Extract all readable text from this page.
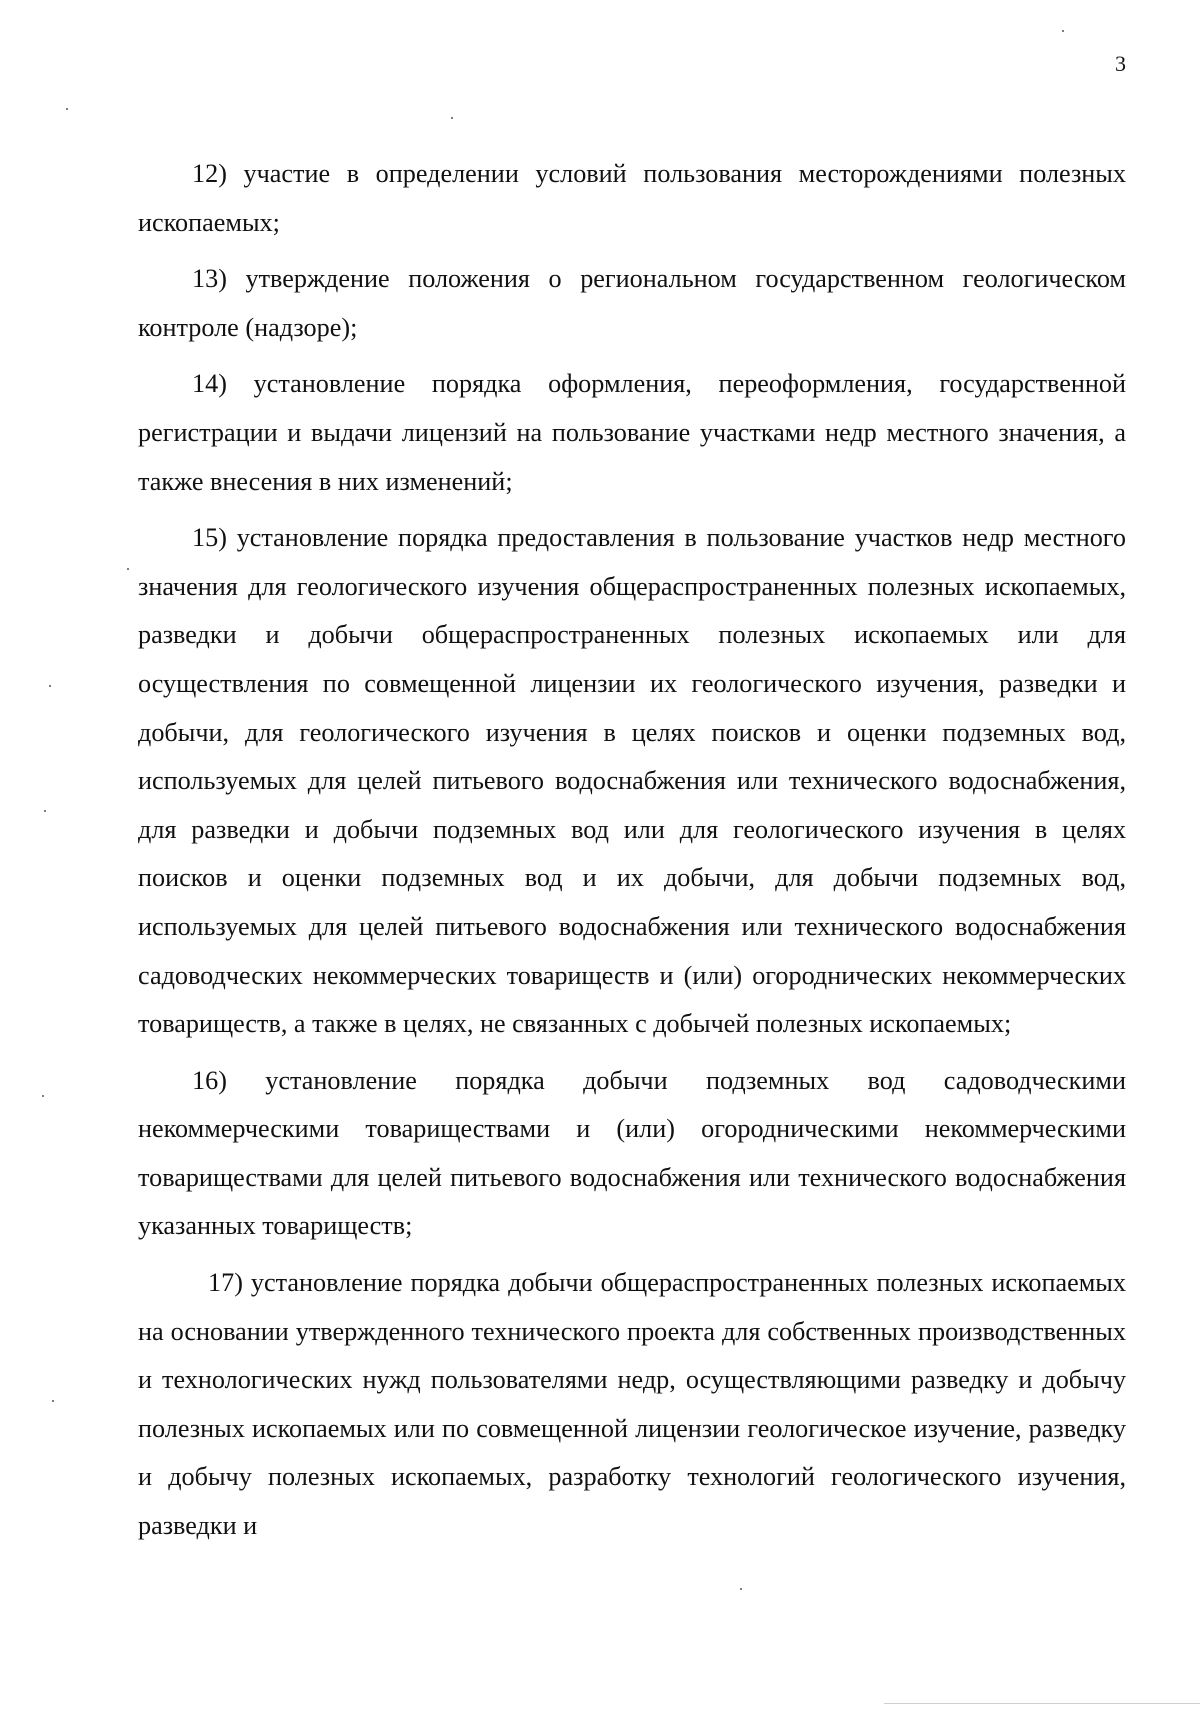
3

12) участие в определении условий пользования месторождениями полезных ископаемых;

13) утверждение положения о региональном государственном геологическом контроле (надзоре);

14) установление порядка оформления, переоформления, государственной регистрации и выдачи лицензий на пользование участками недр местного значения, а также внесения в них изменений;

15) установление порядка предоставления в пользование участков недр местного значения для геологического изучения общераспространенных полезных ископаемых, разведки и добычи общераспространенных полезных ископаемых или для осуществления по совмещенной лицензии их геологического изучения, разведки и добычи, для геологического изучения в целях поисков и оценки подземных вод, используемых для целей питьевого водоснабжения или технического водоснабжения, для разведки и добычи подземных вод или для геологического изучения в целях поисков и оценки подземных вод и их добычи, для добычи подземных вод, используемых для целей питьевого водоснабжения или технического водоснабжения садоводческих некоммерческих товариществ и (или) огороднических некоммерческих товариществ, а также в целях, не связанных с добычей полезных ископаемых;

16) установление порядка добычи подземных вод садоводческими некоммерческими товариществами и (или) огородническими некоммерческими товариществами для целей питьевого водоснабжения или технического водоснабжения указанных товариществ;

17) установление порядка добычи общераспространенных полезных ископаемых на основании утвержденного технического проекта для собственных производственных и технологических нужд пользователями недр, осуществляющими разведку и добычу полезных ископаемых или по совмещенной лицензии геологическое изучение, разведку и добычу полезных ископаемых, разработку технологий геологического изучения, разведки и
